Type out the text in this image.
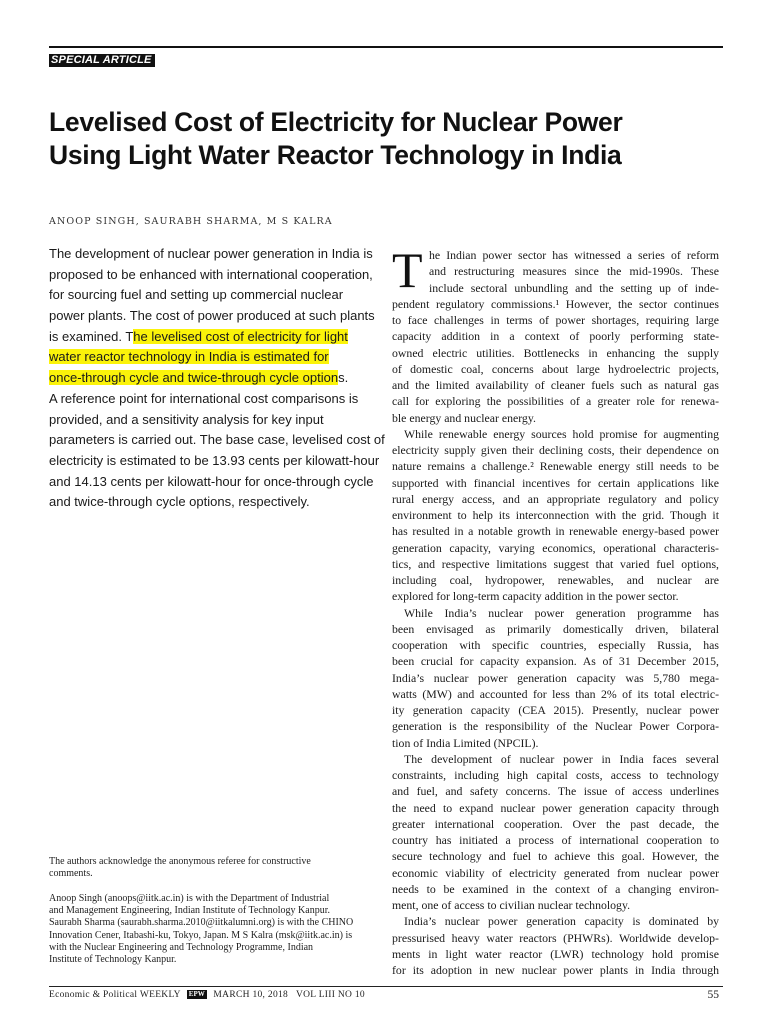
SPECIAL ARTICLE
Levelised Cost of Electricity for Nuclear Power
Using Light Water Reactor Technology in India
ANOOP SINGH, SAURABH SHARMA, M S KALRA
The development of nuclear power generation in India is
proposed to be enhanced with international cooperation,
for sourcing fuel and setting up commercial nuclear
power plants. The cost of power produced at such plants
is examined. The levelised cost of electricity for light
water reactor technology in India is estimated for
once-through cycle and twice-through cycle options.
A reference point for international cost comparisons is
provided, and a sensitivity analysis for key input
parameters is carried out. The base case, levelised cost of
electricity is estimated to be 13.93 cents per kilowatt-hour
and 14.13 cents per kilowatt-hour for once-through cycle
and twice-through cycle options, respectively.
The authors acknowledge the anonymous referee for constructive
comments.
Anoop Singh (anoops@iitk.ac.in) is with the Department of Industrial
and Management Engineering, Indian Institute of Technology Kanpur.
Saurabh Sharma (saurabh.sharma.2010@iitkalumni.org) is with the CHINO
Innovation Cener, Itabashi-ku, Tokyo, Japan. M S Kalra (msk@iitk.ac.in) is
with the Nuclear Engineering and Technology Programme, Indian
Institute of Technology Kanpur.
T he Indian power sector has witnessed a series of reform
and restructuring measures since the mid-1990s. These
include sectoral unbundling and the setting up of inde-
pendent regulatory commissions.¹ However, the sector continues
to face challenges in terms of power shortages, requiring large
capacity addition in a context of poorly performing state-
owned electric utilities. Bottlenecks in enhancing the supply
of domestic coal, concerns about large hydroelectric projects,
and the limited availability of cleaner fuels such as natural gas
call for exploring the possibilities of a greater role for renewa-
ble energy and nuclear energy.
While renewable energy sources hold promise for augmenting
electricity supply given their declining costs, their dependence on
nature remains a challenge.² Renewable energy still needs to be
supported with financial incentives for certain applications like
rural energy access, and an appropriate regulatory and policy
environment to help its interconnection with the grid. Though it
has resulted in a notable growth in renewable energy-based power
generation capacity, varying economics, operational characteris-
tics, and respective limitations suggest that varied fuel options,
including coal, hydropower, renewables, and nuclear are
explored for long-term capacity addition in the power sector.
While India’s nuclear power generation programme has
been envisaged as primarily domestically driven, bilateral
cooperation with specific countries, especially Russia, has
been crucial for capacity expansion. As of 31 December 2015,
India’s nuclear power generation capacity was 5,780 mega-
watts (MW) and accounted for less than 2% of its total electric-
ity generation capacity (CEA 2015). Presently, nuclear power
generation is the responsibility of the Nuclear Power Corpora-
tion of India Limited (NPCIL).
The development of nuclear power in India faces several
constraints, including high capital costs, access to technology
and fuel, and safety concerns. The issue of access underlines
the need to expand nuclear power generation capacity through
greater international cooperation. Over the past decade, the
country has initiated a process of international cooperation to
secure technology and fuel to achieve this goal. However, the
economic viability of electricity generated from nuclear power
needs to be examined in the context of a changing environ-
ment, one of access to civilian nuclear technology.
India’s nuclear power generation capacity is dominated by
pressurised heavy water reactors (PHWRs). Worldwide develop-
ments in light water reactor (LWR) technology hold promise
for its adoption in new nuclear power plants in India through
Economic & Political WEEKLY EPW MARCH 10, 2018 VOL LIII NO 10	55
